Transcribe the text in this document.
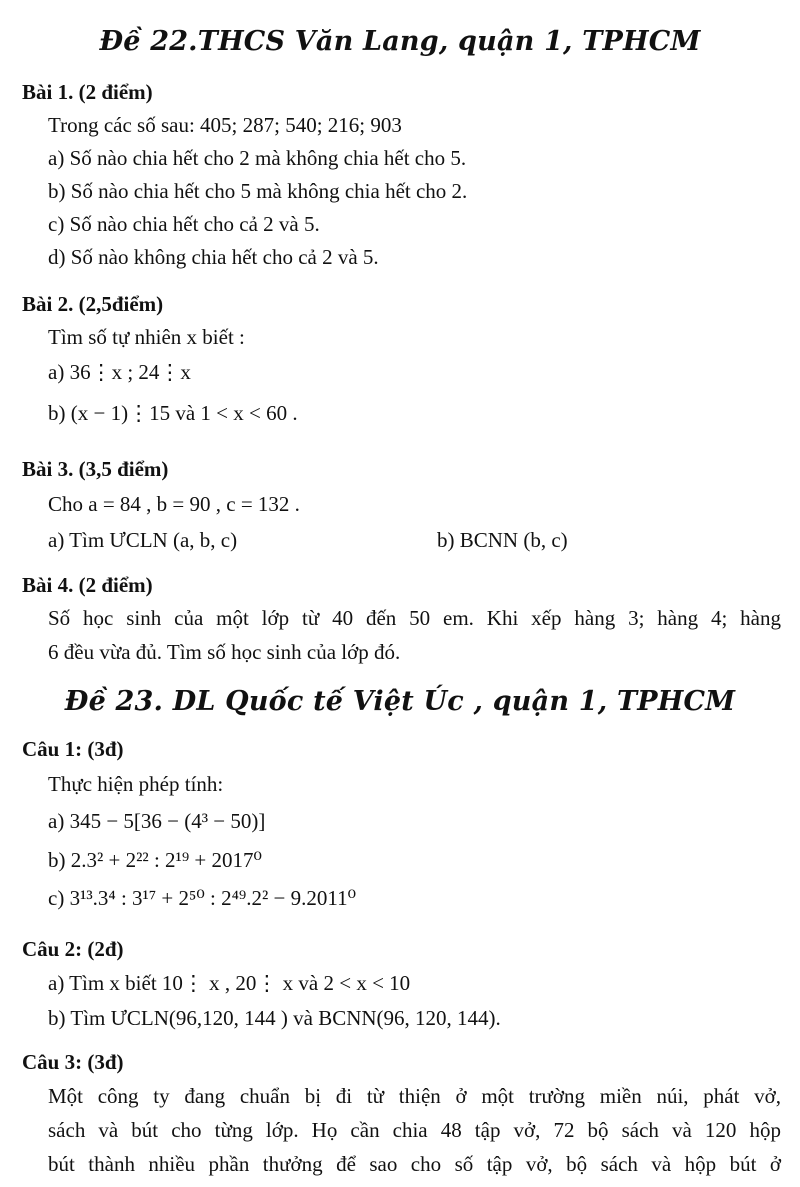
Đề 22.THCS Văn Lang, quận 1, TPHCM
Bài 1. (2 điểm)
Trong các số sau: 405; 287; 540; 216; 903
a) Số nào chia hết cho 2 mà không chia hết cho 5.
b) Số nào chia hết cho 5 mà không chia hết cho 2.
c) Số nào chia hết cho cả 2 và 5.
d) Số nào không chia hết cho cả 2 và 5.
Bài 2. (2,5điểm)
Tìm số tự nhiên x biết :
a) 36⋮x ; 24⋮x
b) (x − 1)⋮15 và 1 < x < 60 .
Bài 3. (3,5 điểm)
Cho a = 84 , b = 90 , c = 132 .
a) Tìm ƯCLN (a, b, c)	b) BCNN (b, c)
Bài 4. (2 điểm)
Số học sinh của một lớp từ 40 đến 50 em. Khi xếp hàng 3; hàng 4; hàng
6 đều vừa đủ. Tìm số học sinh của lớp đó.
Đề 23. DL Quốc tế Việt Úc , quận 1, TPHCM
Câu 1: (3đ)
Thực hiện phép tính:
a) 345 − 5[36 − (4³ − 50)]
b) 2.3² + 2²² : 2¹⁹ + 2017⁰
c) 3¹³.3⁴ : 3¹⁷ + 2⁵⁰ : 2⁴⁹.2² − 9.2011⁰
Câu 2: (2đ)
a) Tìm x biết 10⋮ x , 20⋮ x và 2 < x < 10
b) Tìm ƯCLN(96,120, 144 ) và BCNN(96, 120, 144).
Câu 3: (3đ)
Một công ty đang chuẩn bị đi từ thiện ở một trường miền núi, phát vở,
sách và bút cho từng lớp. Họ cần chia 48 tập vở, 72 bộ sách và 120 hộp
bút thành nhiều phần thưởng để sao cho số tập vở, bộ sách và hộp bút ở
